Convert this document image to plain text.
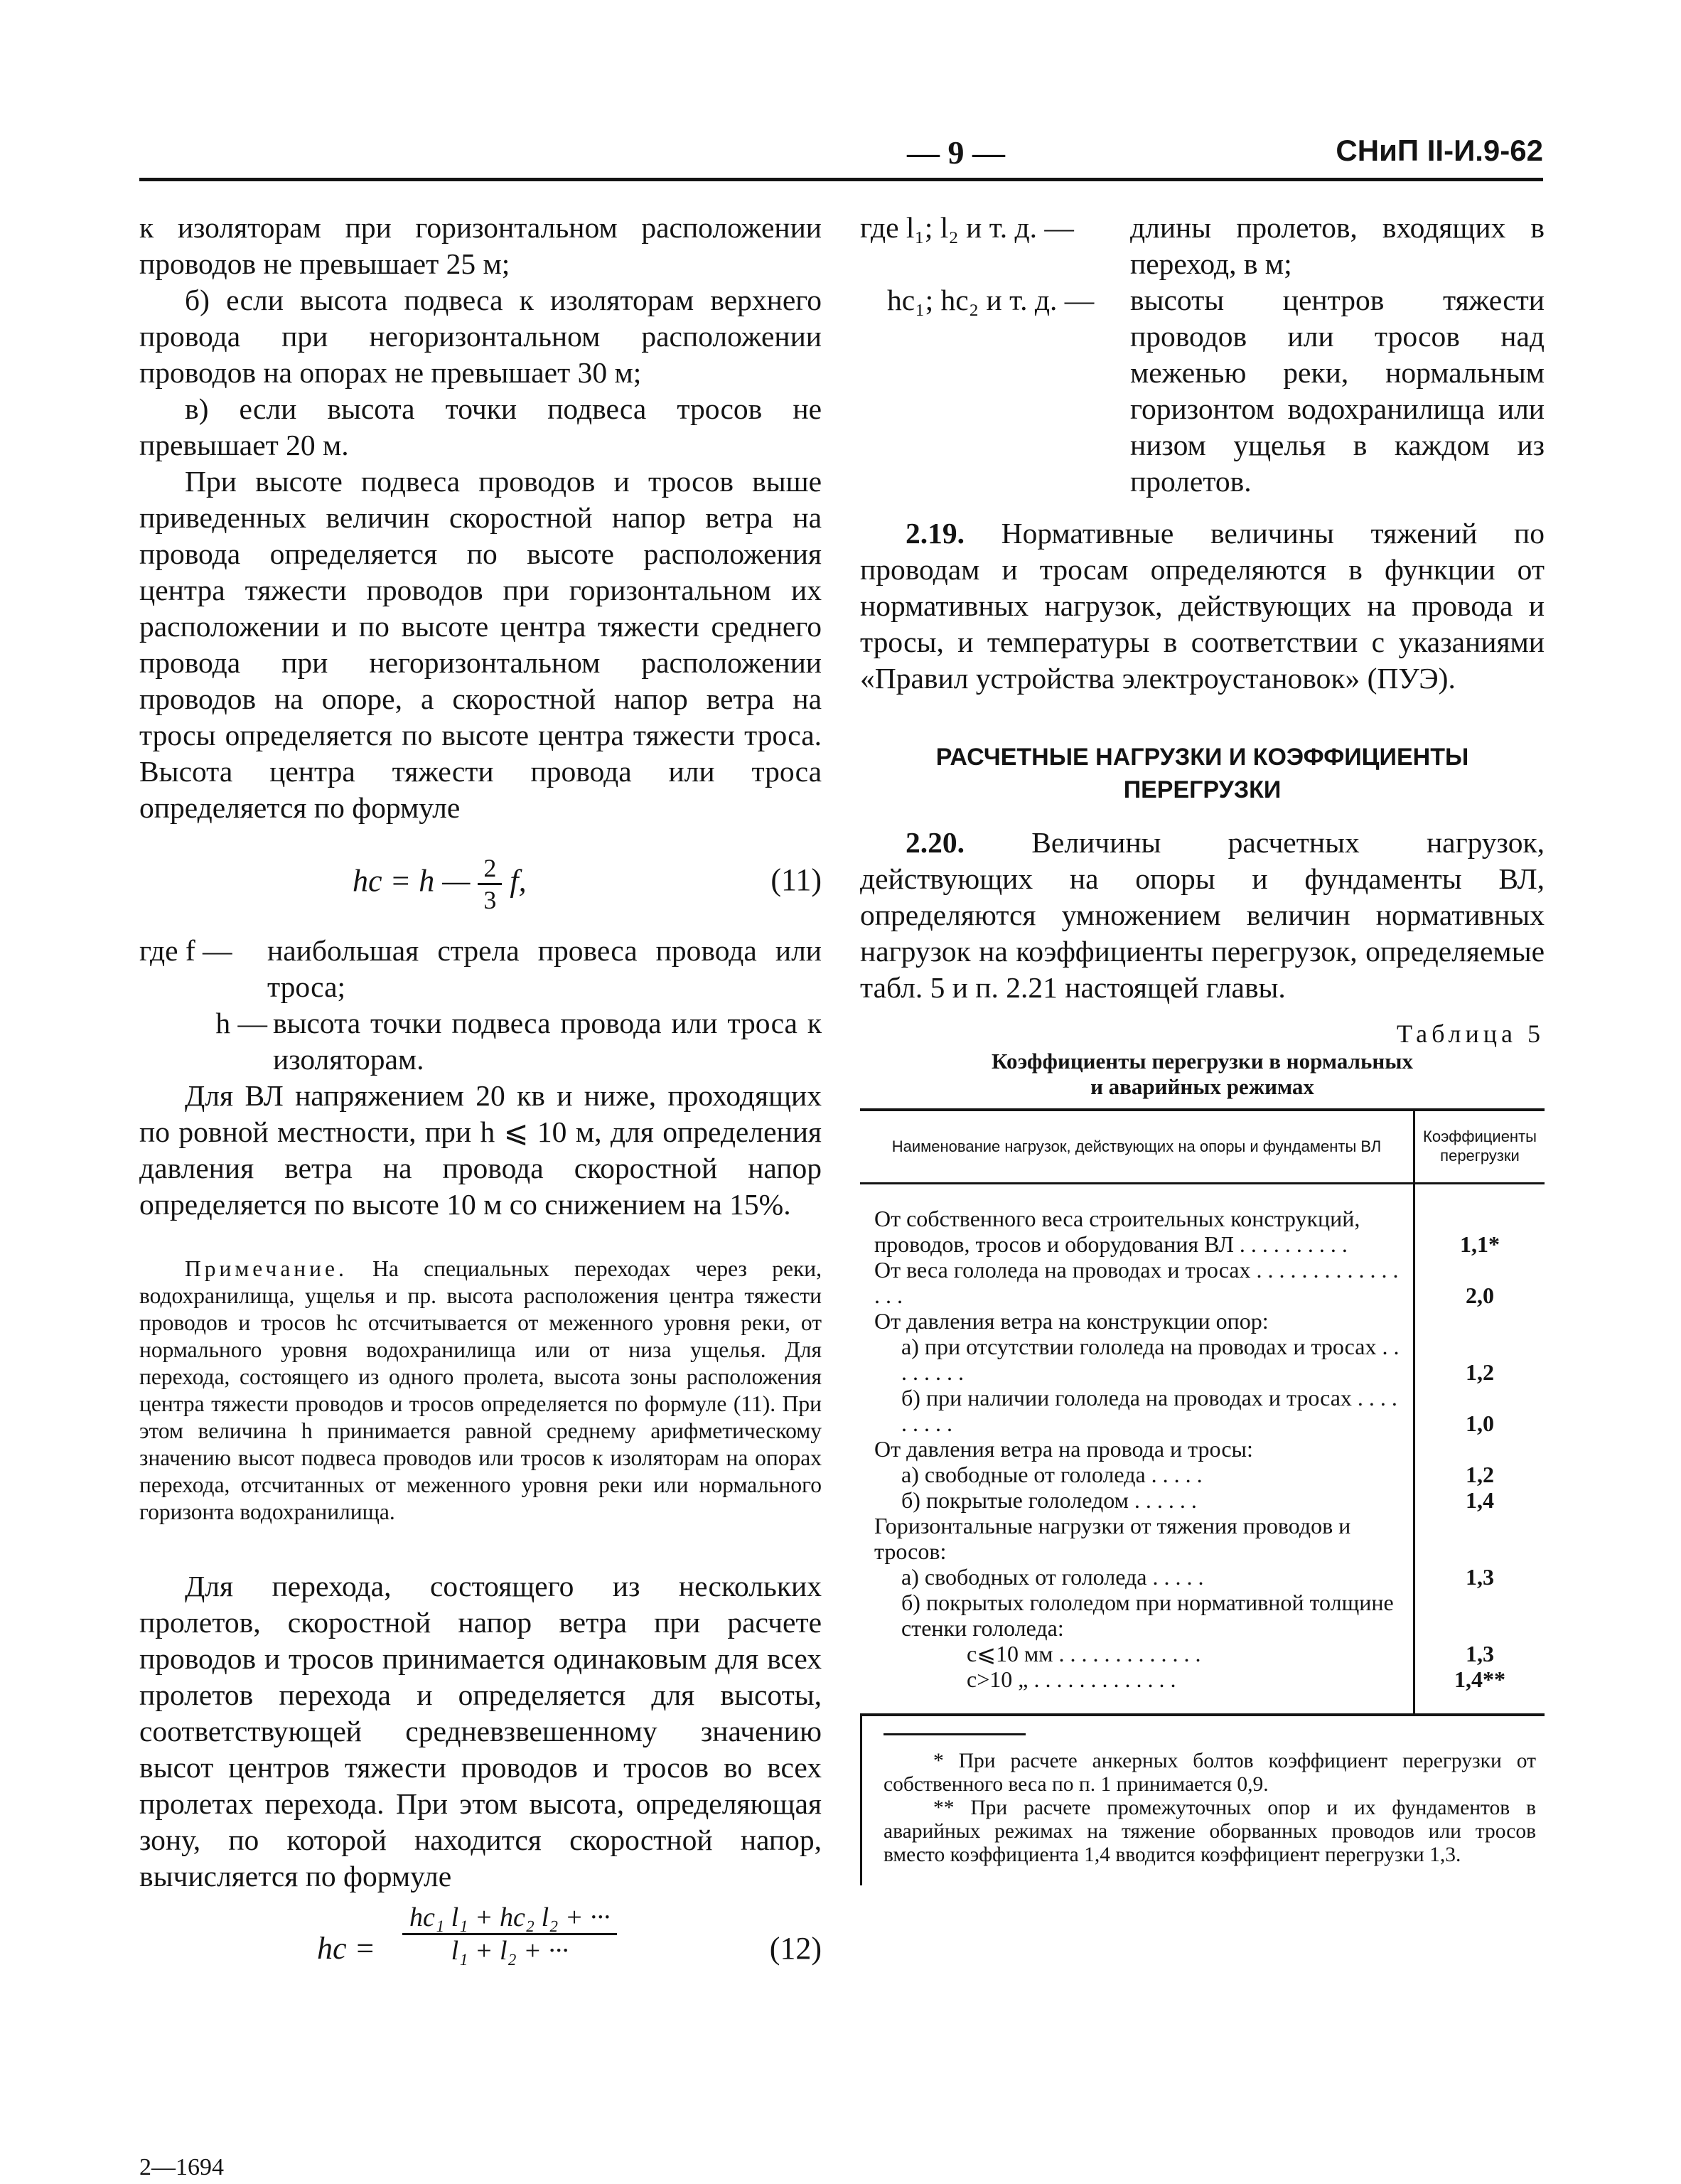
— 9 —	СНиП II-И.9-62

к изоляторам при горизонтальном расположении проводов не превышает 25 м;

б) если высота подвеса к изоляторам верхнего провода при негоризонтальном расположении проводов на опорах не превышает 30 м;

в) если высота точки подвеса тросов не превышает 20 м.

При высоте подвеса проводов и тросов выше приведенных величин скоростной напор ветра на провода определяется по высоте расположения центра тяжести проводов при горизонтальном их расположении и по высоте центра тяжести среднего провода при негоризонтальном расположении проводов на опоре, а скоростной напор ветра на тросы определяется по высоте центра тяжести троса. Высота центра тяжести провода или троса определяется по формуле

hс = h — $\frac{2}{3} f$,	(11)
где f —	наибольшая стрела провеса провода или троса;
h — высота точки подвеса провода или троса к изоляторам.

Для ВЛ напряжением 20 кв и ниже, проходящих по ровной местности, при h ⩽ 10 м, для определения давления ветра на провода скоростной напор определяется по высоте 10 м со снижением на 15%.

Примечание. На специальных переходах через реки, водохранилища, ущелья и пр. высота расположения центра тяжести проводов и тросов hс отсчитывается от меженного уровня реки, от нормального уровня водохранилища или от низа ущелья. Для перехода, состоящего из одного пролета, высота зоны расположения центра тяжести проводов и тросов определяется по формуле (11). При этом величина h принимается равной среднему арифметическому значению высот подвеса проводов или тросов к изоляторам на опорах перехода, отсчитанных от меженного уровня реки или нормального горизонта водохранилища.

Для перехода, состоящего из нескольких пролетов, скоростной напор ветра при расчете проводов и тросов принимается одинаковым для всех пролетов перехода и определяется для высоты, соответствующей средневзвешенному значению высот центров тяжести проводов и тросов во всех пролетах перехода. При этом высота, определяющая зону, по которой находится скоростной напор, вычисляется по формуле

hс =
hс₁ l₁ + hс₂ l₂ + ···
l₁ + l₂ + ···	(12)
2—1694
где l₁; l₂ и т. д. —	длины пролетов, входящих в переход, в м;
hс₁; hс₂ и т. д. —	высоты центров тяжести проводов или тросов над меженью реки, нормальным горизонтом водохранилища или низом ущелья в каждом из пролетов.

2.19. Нормативные величины тяжений по проводам и тросам определяются в функции от нормативных нагрузок, действующих на провода и тросы, и температуры в соответствии с указаниями «Правил устройства электроустановок» (ПУЭ).

РАСЧЕТНЫЕ НАГРУЗКИ И КОЭФФИЦИЕНТЫ
ПЕРЕГРУЗКИ

2.20. Величины расчетных нагрузок, действующих на опоры и фундаменты ВЛ, определяются умножением величин нормативных нагрузок на коэффициенты перегрузок, определяемые табл. 5 и п. 2.21 настоящей главы.

Таблица 5

Коэффициенты перегрузки в нормальных
и аварийных режимах

Наименование нагрузок, действующих на опоры и фундаменты ВЛ	Коэффициенты перегрузки
От собственного веса строительных конструкций, проводов, тросов и оборудования ВЛ . . . . . . . . . .	1,1*
От веса гололеда на проводах и тросах . . . . . . . . . . . . . . . .	2,0
От давления ветра на конструкции опор:	
а) при отсутствии гололеда на проводах и тросах . . . . . . . .	1,2
б) при наличии гололеда на проводах и тросах . . . . . . . . .	1,0
От давления ветра на провода и тросы:	
а) свободные от гололеда . . . . .	1,2
б) покрытые гололедом . . . . . .	1,4
Горизонтальные нагрузки от тяжения проводов и тросов:	
а) свободных от гололеда . . . . .	1,3
б) покрытых гололедом при нормативной толщине стенки гололеда:	
c⩽10 мм . . . . . . . . . . . . .	1,3
c>10 „ . . . . . . . . . . . . .	1,4**

* При расчете анкерных болтов коэффициент перегрузки от собственного веса по п. 1 принимается 0,9.

** При расчете промежуточных опор и их фундаментов в аварийных режимах на тяжение оборванных проводов или тросов вместо коэффициента 1,4 вводится коэффициент перегрузки 1,3.
